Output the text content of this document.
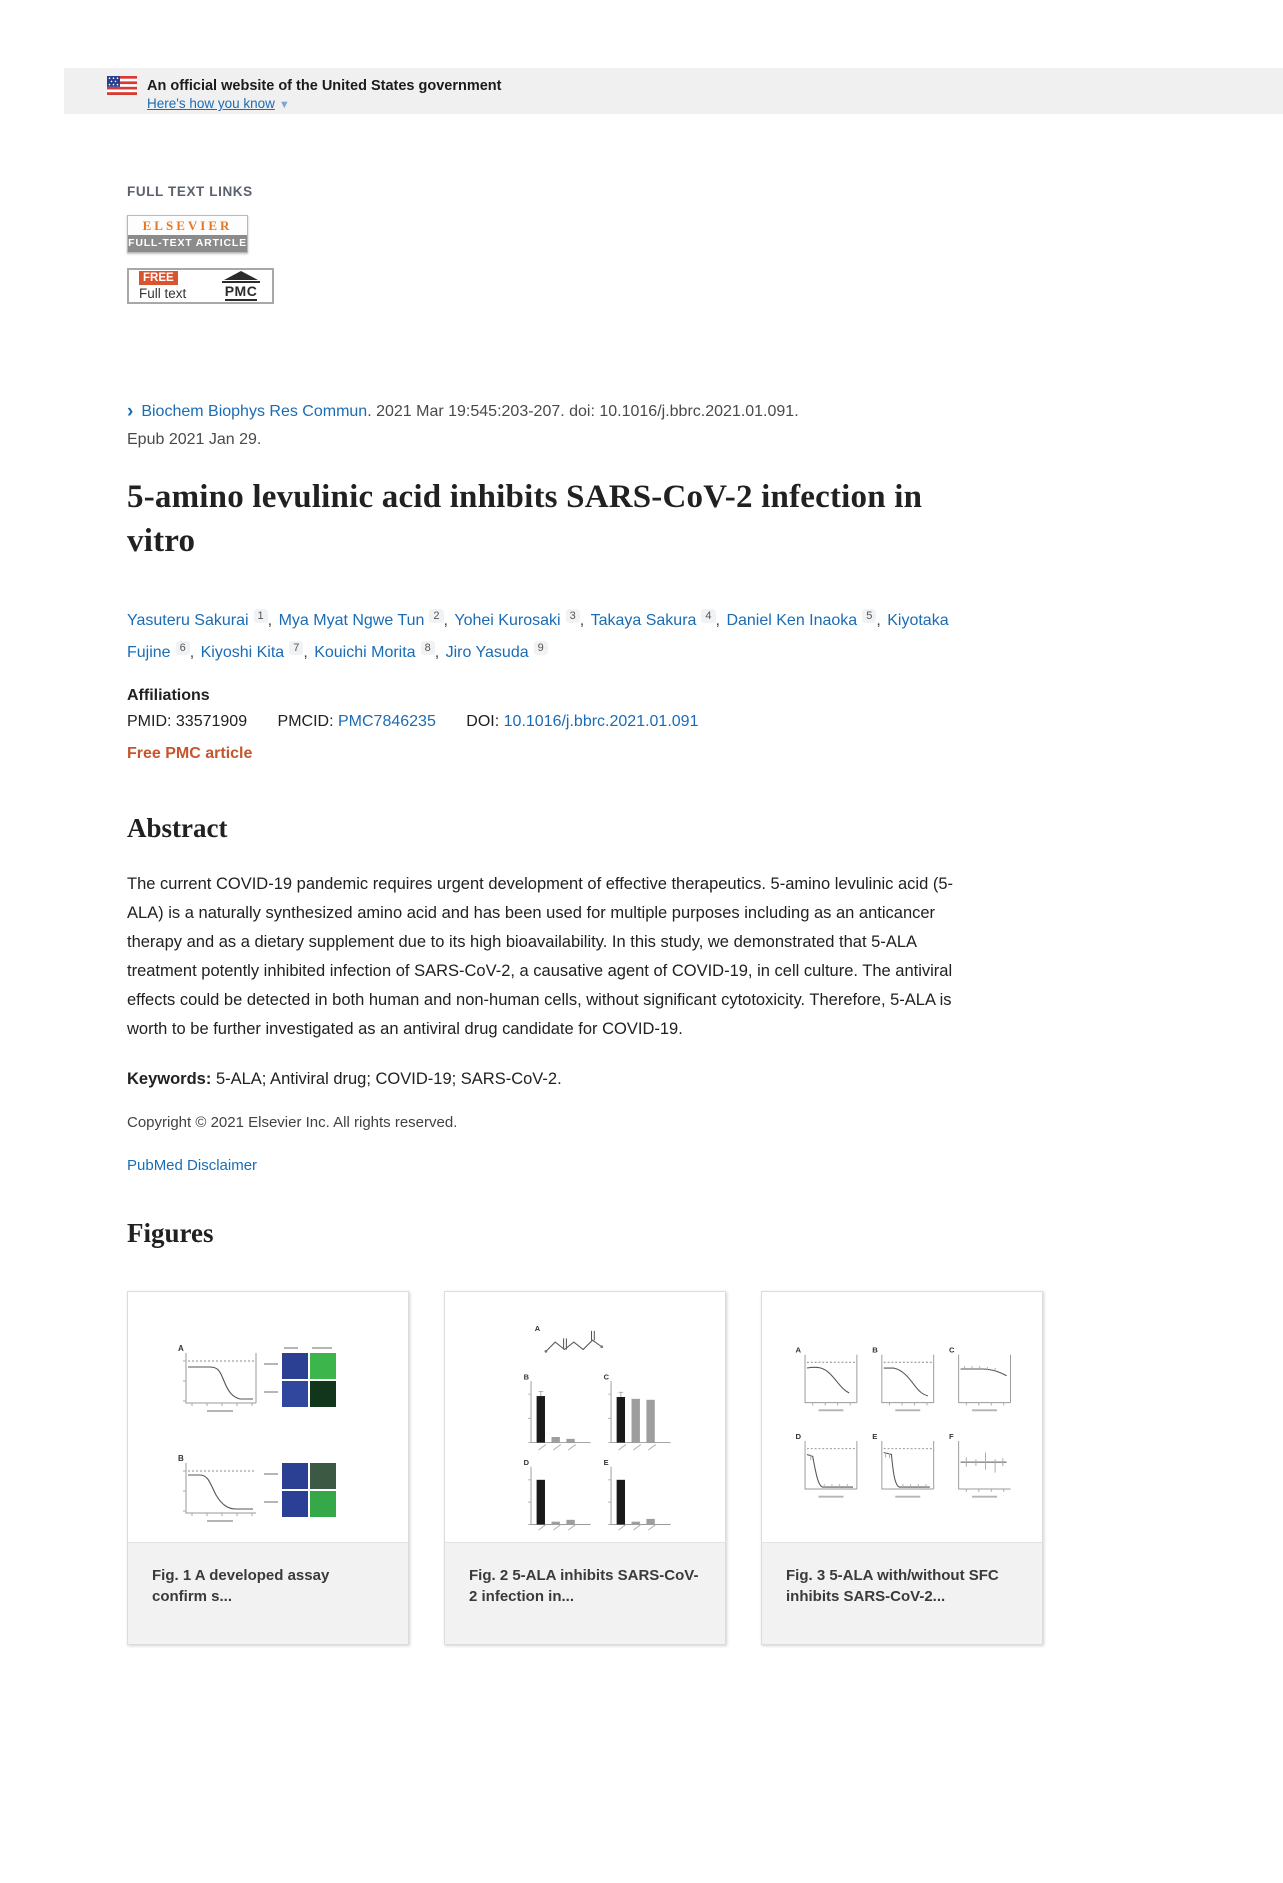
An official website of the United States government
Here's how you know ▼
FULL TEXT LINKS
ELSEVIER
FULL-TEXT ARTICLE
FREE
Full text	PMC
› Biochem Biophys Res Commun. 2021 Mar 19:545:203-207. doi: 10.1016/j.bbrc.2021.01.091.
Epub 2021 Jan 29.
5-amino levulinic acid inhibits SARS-CoV-2 infection in vitro
Yasuteru Sakurai $^1$ , Mya Myat Ngwe Tun $^2$ , Yohei Kurosaki $^3$ , Takaya Sakura $^4$ , Daniel Ken Inaoka $^5$ , Kiyotaka Fujine $^6$ , Kiyoshi Kita $^7$ , Kouichi Morita $^8$ , Jiro Yasuda $^9$
Affiliations
PMID: 33571909 PMCID: PMC7846235 DOI: 10.1016/j.bbrc.2021.01.091
Free PMC article
Abstract

The current COVID-19 pandemic requires urgent development of effective therapeutics. 5-amino levulinic acid (5-ALA) is a naturally synthesized amino acid and has been used for multiple purposes including as an anticancer therapy and as a dietary supplement due to its high bioavailability. In this study, we demonstrated that 5-ALA treatment potently inhibited infection of SARS-CoV-2, a causative agent of COVID-19, in cell culture. The antiviral effects could be detected in both human and non-human cells, without significant cytotoxicity. Therefore, 5-ALA is worth to be further investigated as an antiviral drug candidate for COVID-19.

Keywords: 5-ALA; Antiviral drug; COVID-19; SARS-CoV-2.

Copyright © 2021 Elsevier Inc. All rights reserved.

PubMed Disclaimer

Figures
A
B
Fig. 1 A developed assay confirm s...
A
B	C
D	E
Fig. 2 5-ALA inhibits SARS-CoV-2 infection in...
A	B	C
D	E	F
Fig. 3 5-ALA with/without SFC inhibits SARS-CoV-2...
